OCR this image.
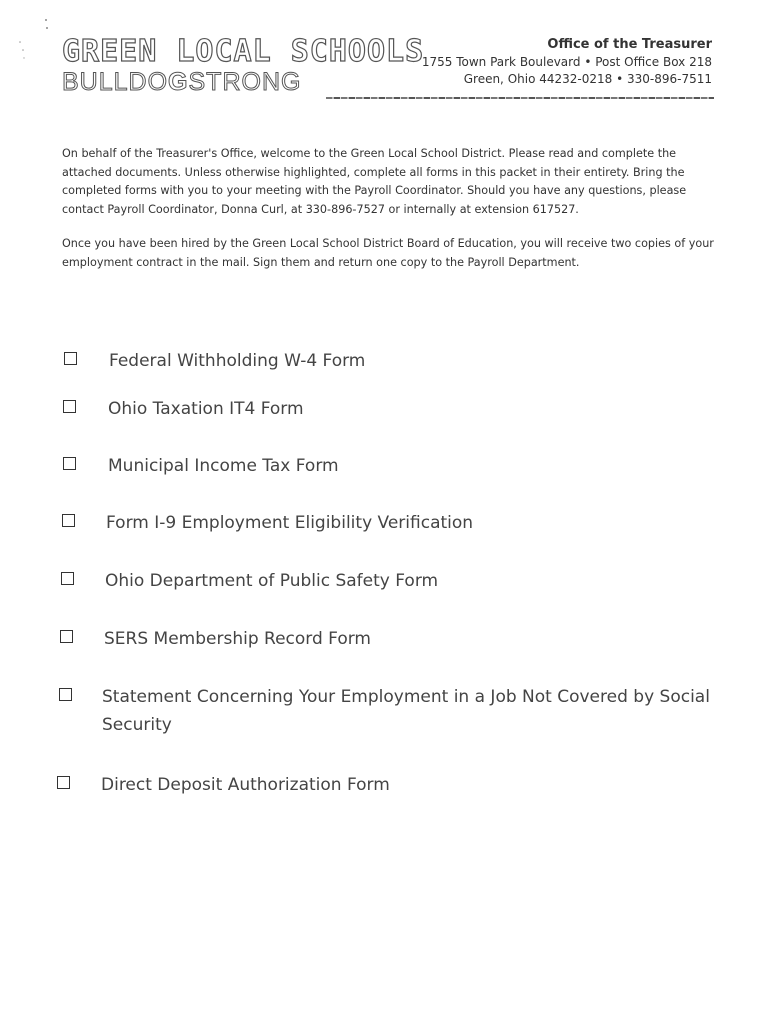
GREEN LOCAL SCHOOLS
BULLDOGSTRONG
Office of the Treasurer
1755 Town Park Boulevard • Post Office Box 218
Green, Ohio 44232-0218 • 330-896-7511

On behalf of the Treasurer's Office, welcome to the Green Local School District. Please read and complete the attached documents. Unless otherwise highlighted, complete all forms in this packet in their entirety. Bring the completed forms with you to your meeting with the Payroll Coordinator. Should you have any questions, please contact Payroll Coordinator, Donna Curl, at 330-896-7527 or internally at extension 617527.

Once you have been hired by the Green Local School District Board of Education, you will receive two copies of your employment contract in the mail. Sign them and return one copy to the Payroll Department.

Federal Withholding W-4 Form
Ohio Taxation IT4 Form
Municipal Income Tax Form
Form I-9 Employment Eligibility Verification
Ohio Department of Public Safety Form
SERS Membership Record Form
Statement Concerning Your Employment in a Job Not Covered by Social Security
Direct Deposit Authorization Form
